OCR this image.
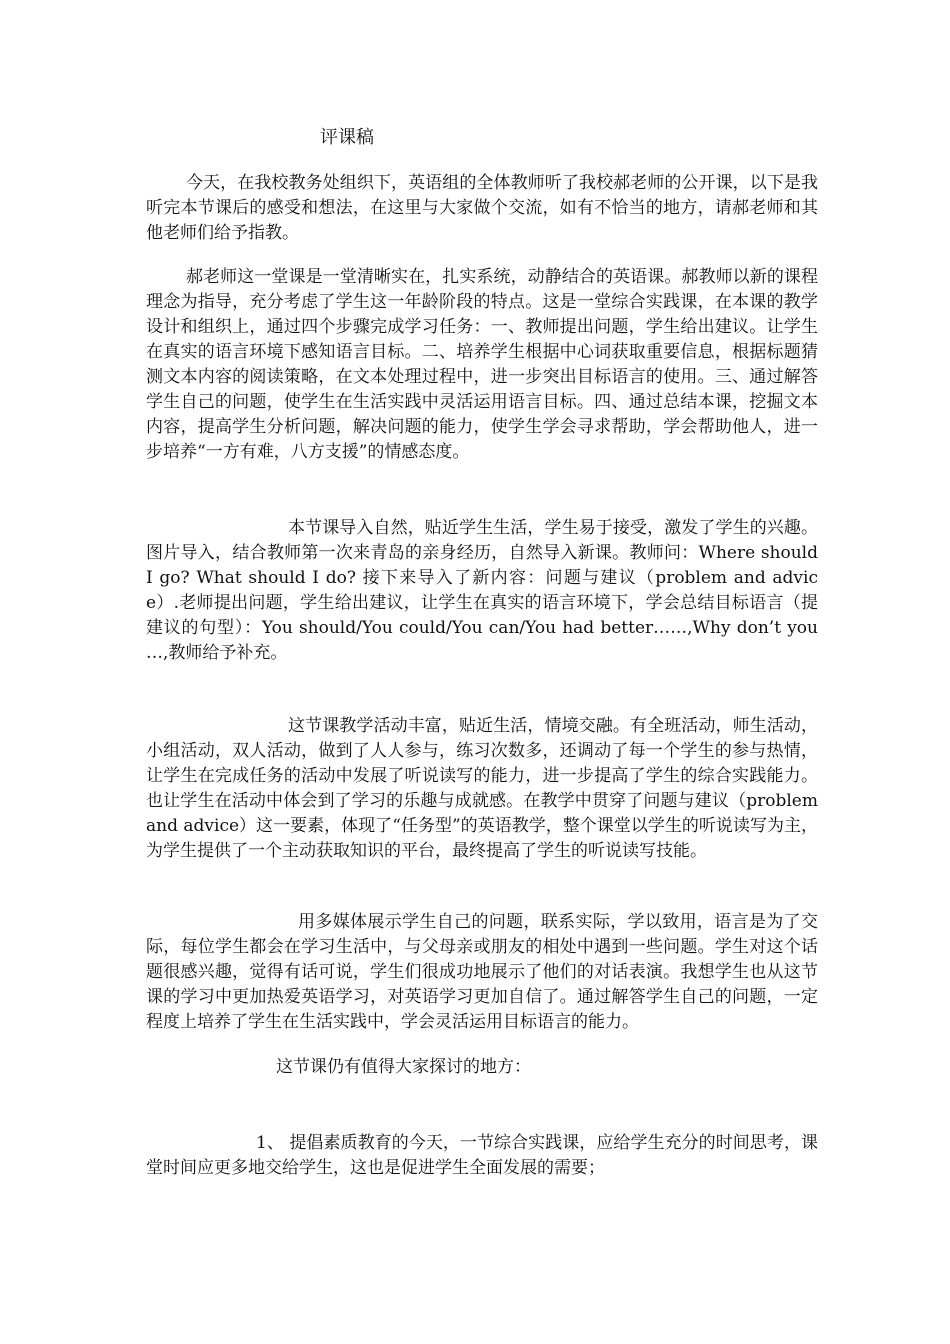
评课稿

今天，在我校教务处组织下，英语组的全体教师听了我校郝老师的公开课，以下是我听完本节课后的感受和想法，在这里与大家做个交流，如有不恰当的地方，请郝老师和其他老师们给予指教。

郝老师这一堂课是一堂清晰实在，扎实系统，动静结合的英语课。郝教师以新的课程理念为指导，充分考虑了学生这一年龄阶段的特点。这是一堂综合实践课，在本课的教学设计和组织上，通过四个步骤完成学习任务：一、教师提出问题，学生给出建议。让学生在真实的语言环境下感知语言目标。二、培养学生根据中心词获取重要信息，根据标题猜测文本内容的阅读策略，在文本处理过程中，进一步突出目标语言的使用。三、通过解答学生自己的问题，使学生在生活实践中灵活运用语言目标。四、通过总结本课，挖掘文本内容，提高学生分析问题，解决问题的能力，使学生学会寻求帮助，学会帮助他人，进一步培养“一方有难，八方支援”的情感态度。

本节课导入自然，贴近学生生活，学生易于接受，激发了学生的兴趣。图片导入，结合教师第一次来青岛的亲身经历，自然导入新课。教师问：Where should I go? What should I do? 接下来导入了新内容：问题与建议（problem and advice）.老师提出问题，学生给出建议，让学生在真实的语言环境下，学会总结目标语言（提建议的句型）：You should/You could/You can/You had better……,Why don’t you …,教师给予补充。

这节课教学活动丰富，贴近生活，情境交融。有全班活动，师生活动，小组活动，双人活动，做到了人人参与，练习次数多，还调动了每一个学生的参与热情，让学生在完成任务的活动中发展了听说读写的能力，进一步提高了学生的综合实践能力。也让学生在活动中体会到了学习的乐趣与成就感。在教学中贯穿了问题与建议（problem and advice）这一要素，体现了“任务型”的英语教学，整个课堂以学生的听说读写为主，为学生提供了一个主动获取知识的平台，最终提高了学生的听说读写技能。

用多媒体展示学生自己的问题，联系实际，学以致用，语言是为了交际，每位学生都会在学习生活中，与父母亲或朋友的相处中遇到一些问题。学生对这个话题很感兴趣，觉得有话可说，学生们很成功地展示了他们的对话表演。我想学生也从这节课的学习中更加热爱英语学习，对英语学习更加自信了。通过解答学生自己的问题，一定程度上培养了学生在生活实践中，学会灵活运用目标语言的能力。

这节课仍有值得大家探讨的地方：

1、 提倡素质教育的今天，一节综合实践课，应给学生充分的时间思考，课堂时间应更多地交给学生，这也是促进学生全面发展的需要；
